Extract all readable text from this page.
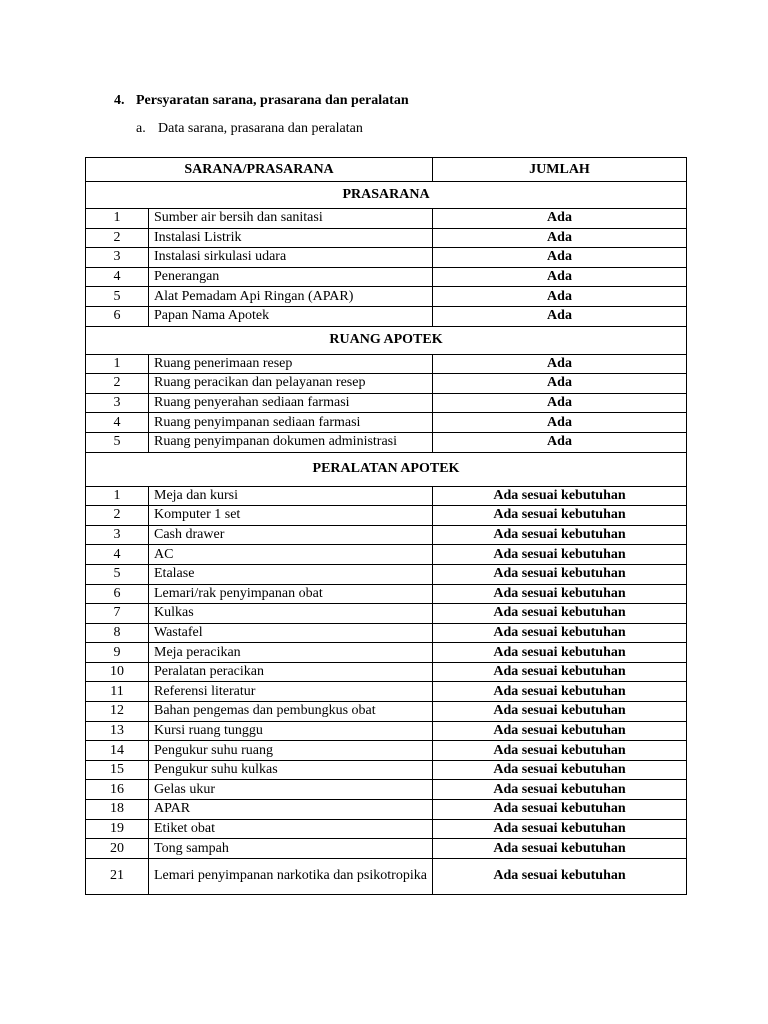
4. Persyaratan sarana, prasarana dan peralatan
a. Data sarana, prasarana dan peralatan
SARANA/PRASARANA		JUMLAH
PRASARANA		
1	Sumber air bersih dan sanitasi	Ada
2	Instalasi Listrik	Ada
3	Instalasi sirkulasi udara	Ada
4	Penerangan	Ada
5	Alat Pemadam Api Ringan (APAR)	Ada
6	Papan Nama Apotek	Ada
RUANG APOTEK		
1	Ruang penerimaan resep	Ada
2	Ruang peracikan dan pelayanan resep	Ada
3	Ruang penyerahan sediaan farmasi	Ada
4	Ruang penyimpanan sediaan farmasi	Ada
5	Ruang penyimpanan dokumen administrasi	Ada
PERALATAN APOTEK		
1	Meja dan kursi	Ada sesuai kebutuhan
2	Komputer 1 set	Ada sesuai kebutuhan
3	Cash drawer	Ada sesuai kebutuhan
4	AC	Ada sesuai kebutuhan
5	Etalase	Ada sesuai kebutuhan
6	Lemari/rak penyimpanan obat	Ada sesuai kebutuhan
7	Kulkas	Ada sesuai kebutuhan
8	Wastafel	Ada sesuai kebutuhan
9	Meja peracikan	Ada sesuai kebutuhan
10	Peralatan peracikan	Ada sesuai kebutuhan
11	Referensi literatur	Ada sesuai kebutuhan
12	Bahan pengemas dan pembungkus obat	Ada sesuai kebutuhan
13	Kursi ruang tunggu	Ada sesuai kebutuhan
14	Pengukur suhu ruang	Ada sesuai kebutuhan
15	Pengukur suhu kulkas	Ada sesuai kebutuhan
16	Gelas ukur	Ada sesuai kebutuhan
18	APAR	Ada sesuai kebutuhan
19	Etiket obat	Ada sesuai kebutuhan
20	Tong sampah	Ada sesuai kebutuhan
21	Lemari penyimpanan narkotika dan psikotropika	Ada sesuai kebutuhan
